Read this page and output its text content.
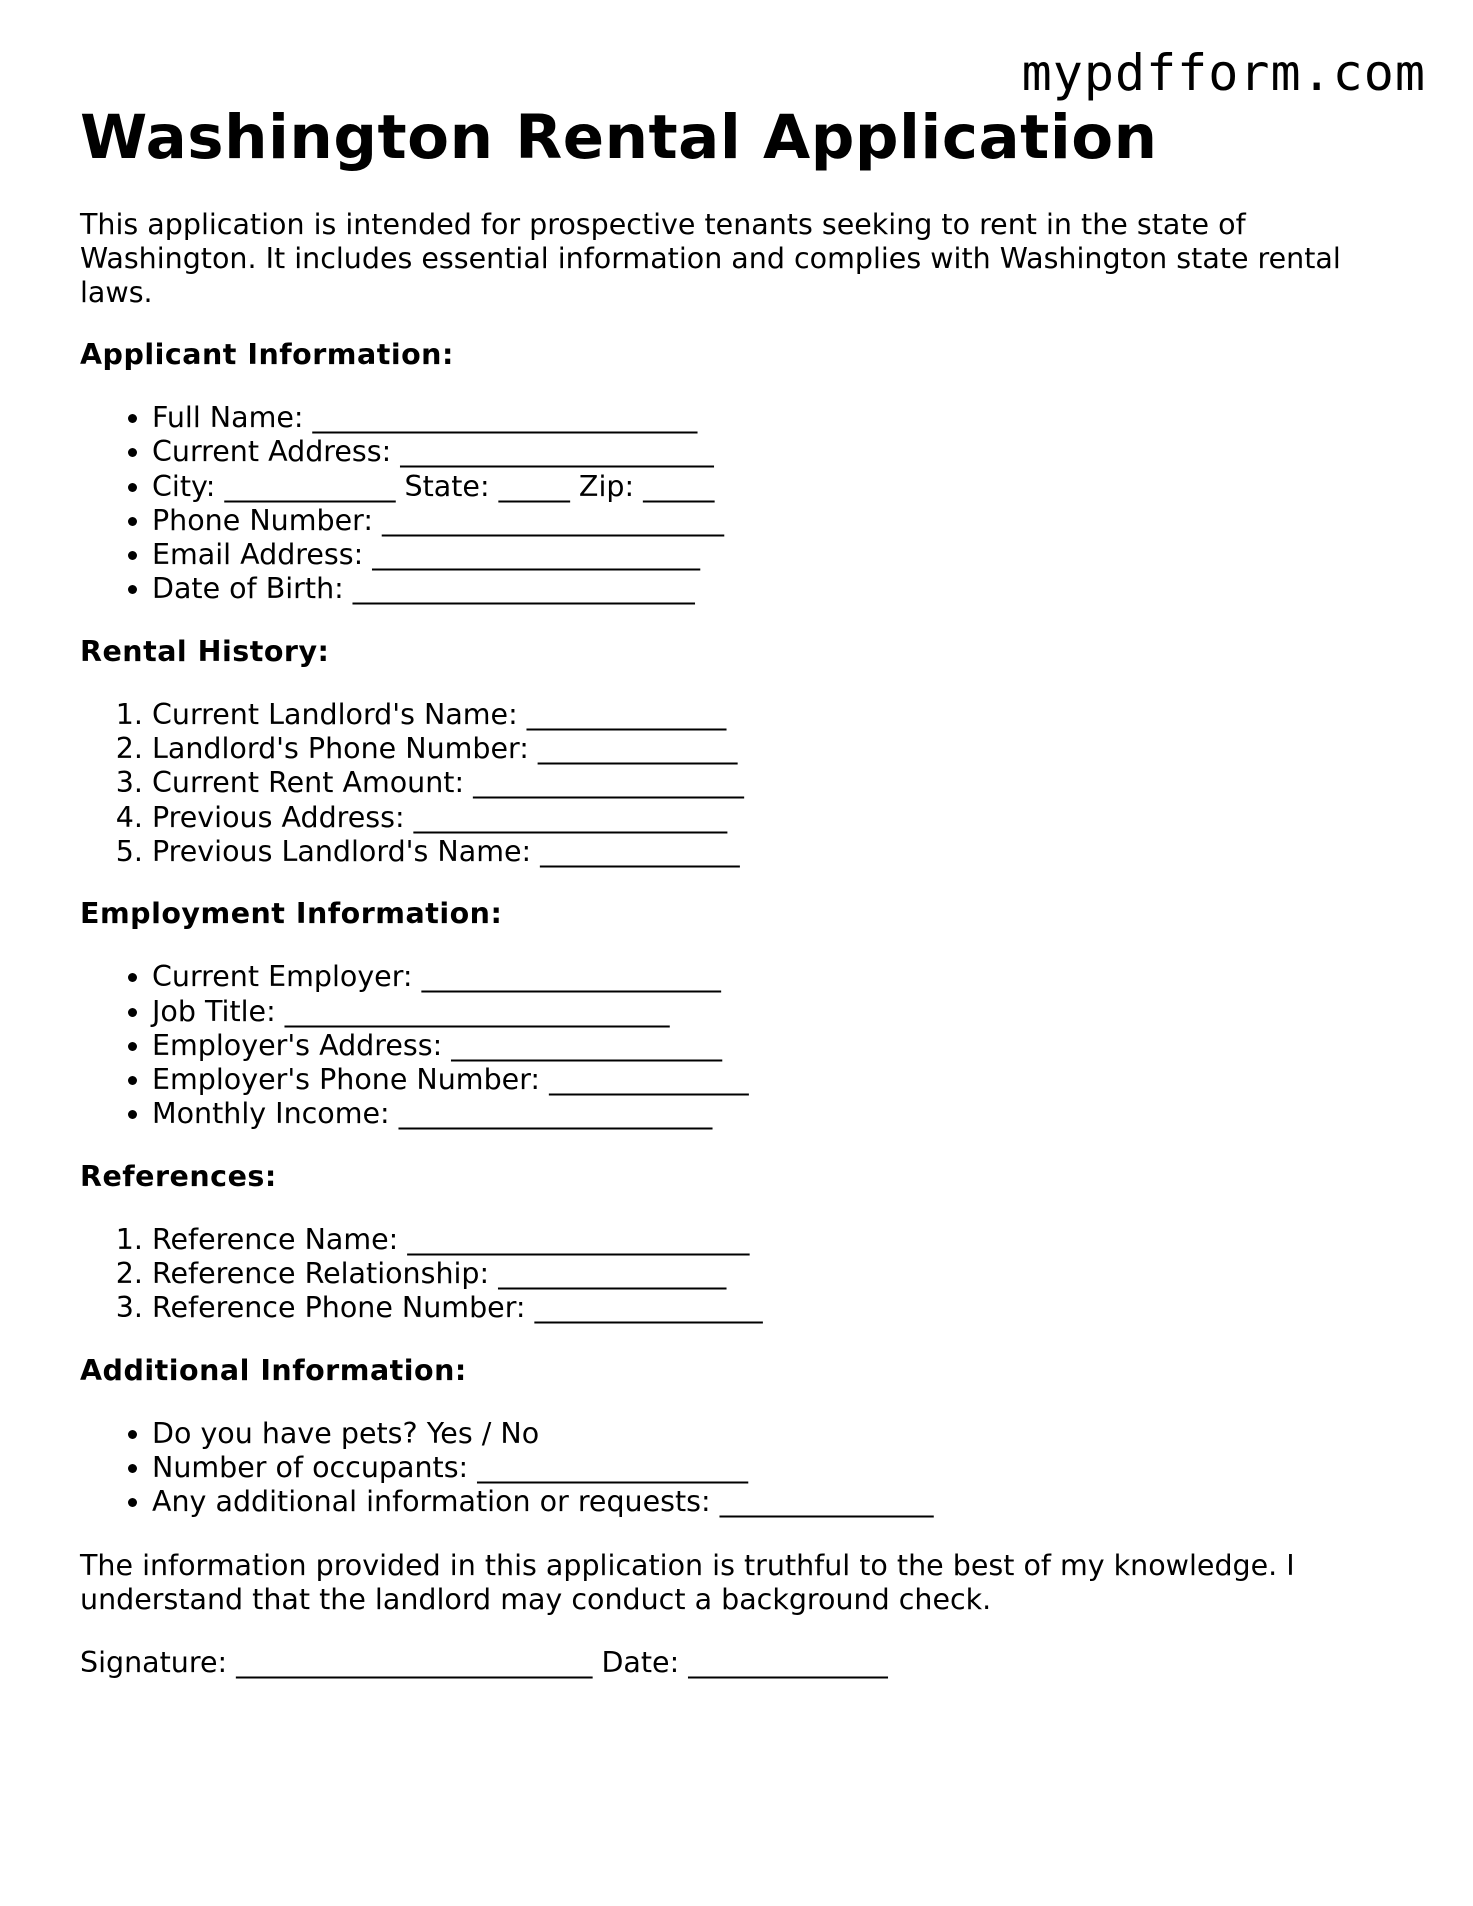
mypdfform.com
Washington Rental Application

This application is intended for prospective tenants seeking to rent in the state of Washington. It includes essential information and complies with Washington state rental laws.

Applicant Information:
• Full Name: ___________________________
• Current Address: ______________________
• City: ____________ State: _____ Zip: _____
• Phone Number: ________________________
• Email Address: _______________________
• Date of Birth: ________________________
Rental History:
1. Current Landlord's Name: ______________
2. Landlord's Phone Number: ______________
3. Current Rent Amount: ___________________
4. Previous Address: ______________________
5. Previous Landlord's Name: ______________
Employment Information:
• Current Employer: _____________________
• Job Title: ___________________________
• Employer's Address: ___________________
• Employer's Phone Number: ______________
• Monthly Income: ______________________
References:
1. Reference Name: ________________________
2. Reference Relationship: ________________
3. Reference Phone Number: ________________
Additional Information:
• Do you have pets? Yes / No
• Number of occupants: ___________________
• Any additional information or requests: _______________

The information provided in this application is truthful to the best of my knowledge. I understand that the landlord may conduct a background check.

Signature: _________________________ Date: ______________
